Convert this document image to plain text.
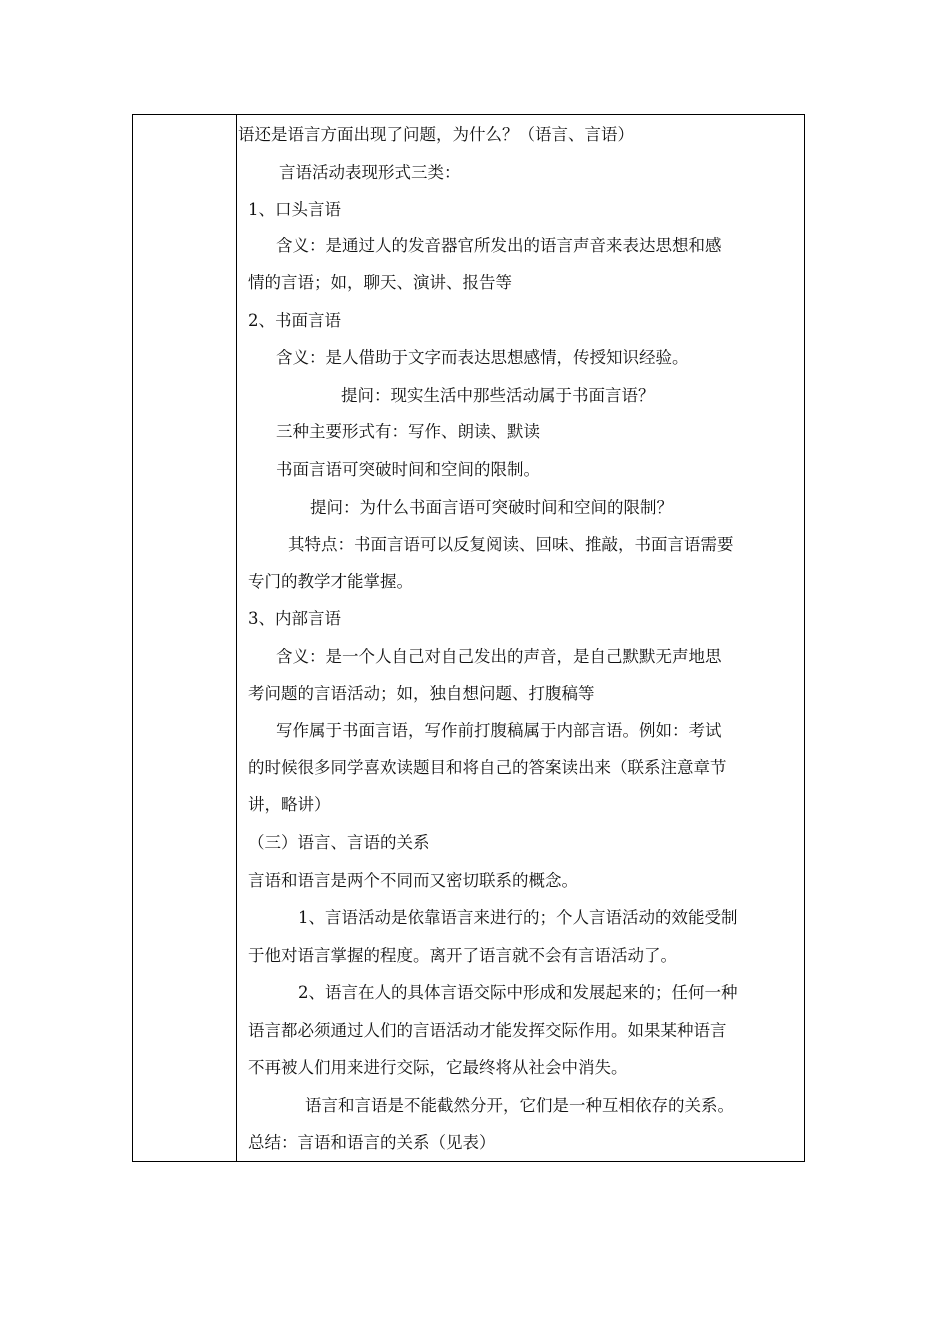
语还是语言方面出现了问题，为什么？（语言、言语）
言语活动表现形式三类：
1、口头言语
含义：是通过人的发音器官所发出的语言声音来表达思想和感
情的言语；如，聊天、演讲、报告等
2、书面言语
含义：是人借助于文字而表达思想感情，传授知识经验。
提问：现实生活中那些活动属于书面言语？
三种主要形式有：写作、朗读、默读
书面言语可突破时间和空间的限制。
提问：为什么书面言语可突破时间和空间的限制？
其特点：书面言语可以反复阅读、回味、推敲，书面言语需要
专门的教学才能掌握。
3、内部言语
含义：是一个人自己对自己发出的声音，是自己默默无声地思
考问题的言语活动；如，独自想问题、打腹稿等
写作属于书面言语，写作前打腹稿属于内部言语。例如：考试
的时候很多同学喜欢读题目和将自己的答案读出来（联系注意章节
讲，略讲）
（三）语言、言语的关系
言语和语言是两个不同而又密切联系的概念。
1、言语活动是依靠语言来进行的；个人言语活动的效能受制
于他对语言掌握的程度。离开了语言就不会有言语活动了。
2、语言在人的具体言语交际中形成和发展起来的；任何一种
语言都必须通过人们的言语活动才能发挥交际作用。如果某种语言
不再被人们用来进行交际，它最终将从社会中消失。
语言和言语是不能截然分开，它们是一种互相依存的关系。
总结：言语和语言的关系（见表）
